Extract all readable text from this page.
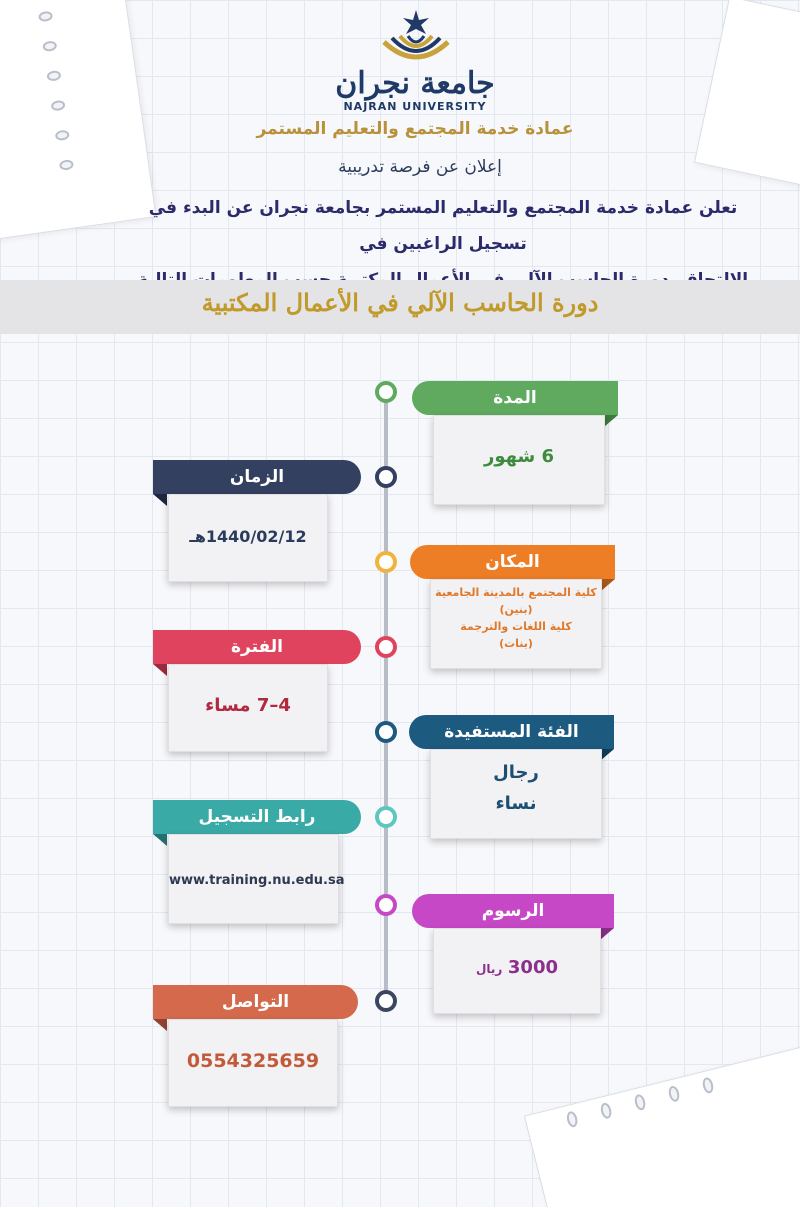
جامعة نجران
NAJRAN UNIVERSITY
عمادة خدمة المجتمع والتعليم المستمر
إعلان عن فرصة تدريبية
تعلن عمادة خدمة المجتمع والتعليم المستمر بجامعة نجران عن البدء في تسجيل الراغبين في
دورة الحاسب الآلي في الأعمال المكتبية
المدة
6 شهور
الزمان
1440/02/12هـ
المكان
كلية المجتمع بالمدينة الجامعية
(بنين)
كلية اللغات والترجمة
(بنات)
الفترة
4–7 مساء
الفئة المستفيدة
رجال
نساء
رابط التسجيل
www.training.nu.edu.sa
الرسوم
3000 ريال
التواصل
0554325659
